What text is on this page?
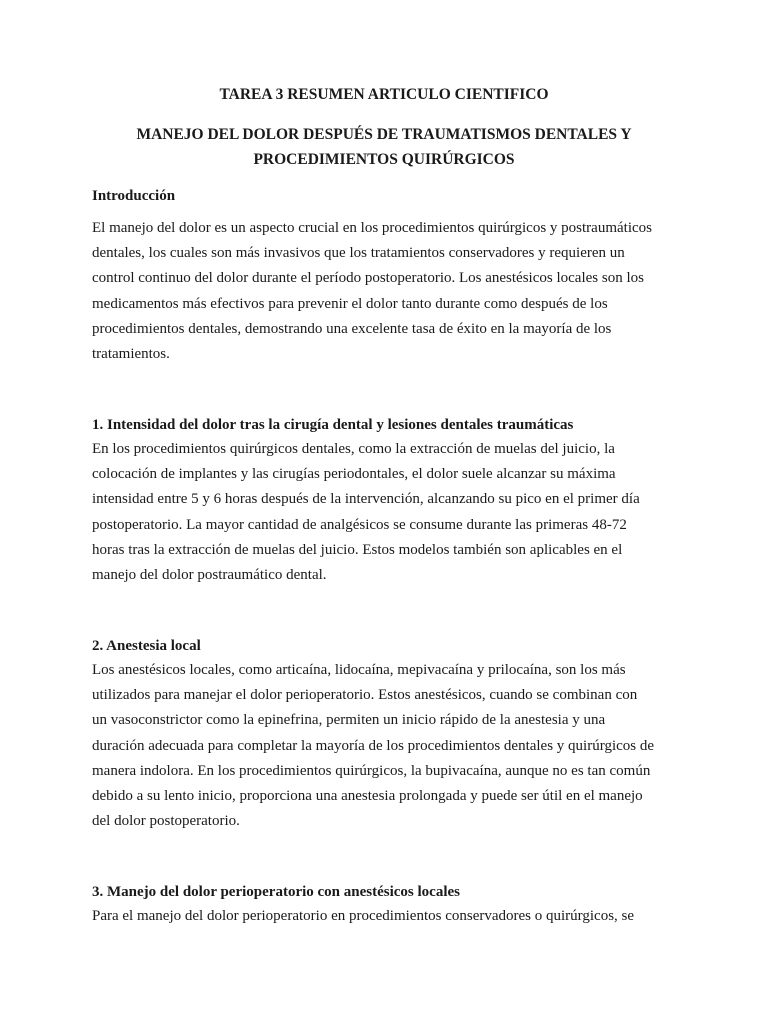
TAREA 3 RESUMEN ARTICULO CIENTIFICO
MANEJO DEL DOLOR DESPUÉS DE TRAUMATISMOS DENTALES Y
PROCEDIMIENTOS QUIRÚRGICOS
Introducción

El manejo del dolor es un aspecto crucial en los procedimientos quirúrgicos y postraumáticos
dentales, los cuales son más invasivos que los tratamientos conservadores y requieren un
control continuo del dolor durante el período postoperatorio. Los anestésicos locales son los
medicamentos más efectivos para prevenir el dolor tanto durante como después de los
procedimientos dentales, demostrando una excelente tasa de éxito en la mayoría de los
tratamientos.

1. Intensidad del dolor tras la cirugía dental y lesiones dentales traumáticas

En los procedimientos quirúrgicos dentales, como la extracción de muelas del juicio, la
colocación de implantes y las cirugías periodontales, el dolor suele alcanzar su máxima
intensidad entre 5 y 6 horas después de la intervención, alcanzando su pico en el primer día
postoperatorio. La mayor cantidad de analgésicos se consume durante las primeras 48-72
horas tras la extracción de muelas del juicio. Estos modelos también son aplicables en el
manejo del dolor postraumático dental.

2. Anestesia local

Los anestésicos locales, como articaína, lidocaína, mepivacaína y prilocaína, son los más
utilizados para manejar el dolor perioperatorio. Estos anestésicos, cuando se combinan con
un vasoconstrictor como la epinefrina, permiten un inicio rápido de la anestesia y una
duración adecuada para completar la mayoría de los procedimientos dentales y quirúrgicos de
manera indolora. En los procedimientos quirúrgicos, la bupivacaína, aunque no es tan común
debido a su lento inicio, proporciona una anestesia prolongada y puede ser útil en el manejo
del dolor postoperatorio.

3. Manejo del dolor perioperatorio con anestésicos locales

Para el manejo del dolor perioperatorio en procedimientos conservadores o quirúrgicos, se
